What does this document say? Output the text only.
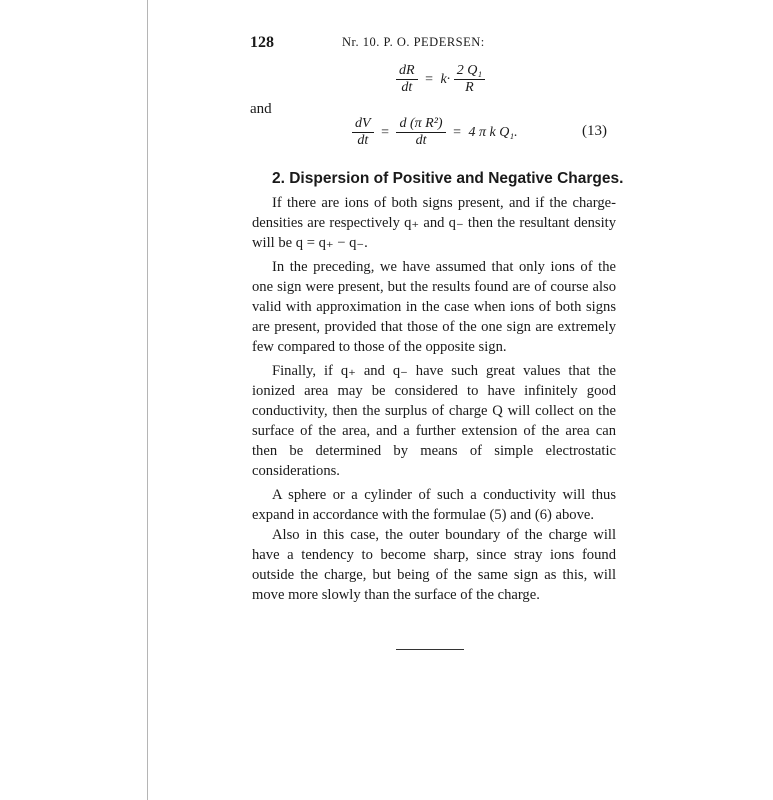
128	Nr. 10. P. O. PEDERSEN:
$\frac{dR}{dt} = k\cdot \frac{\text{2 Q₁}}{R}$
and
$\frac{dV}{dt} = \frac{\text{d (π R²)}}{dt} = 4$ π k Q₁.	(13)
2. Dispersion of Positive and Negative Charges.

If there are ions of both signs present, and if the charge-densities are respectively q₊ and q₋ then the resultant density will be q = q₊ − q₋.

In the preceding, we have assumed that only ions of the one sign were present, but the results found are of course also valid with approximation in the case when ions of both signs are present, provided that those of the one sign are extremely few compared to those of the opposite sign.

Finally, if q₊ and q₋ have such great values that the ionized area may be considered to have infinitely good conductivity, then the surplus of charge Q will collect on the surface of the area, and a further extension of the area can then be determined by means of simple electrostatic considerations.

A sphere or a cylinder of such a conductivity will thus expand in accordance with the formulae (5) and (6) above.

Also in this case, the outer boundary of the charge will have a tendency to become sharp, since stray ions found outside the charge, but being of the same sign as this, will move more slowly than the surface of the charge.
